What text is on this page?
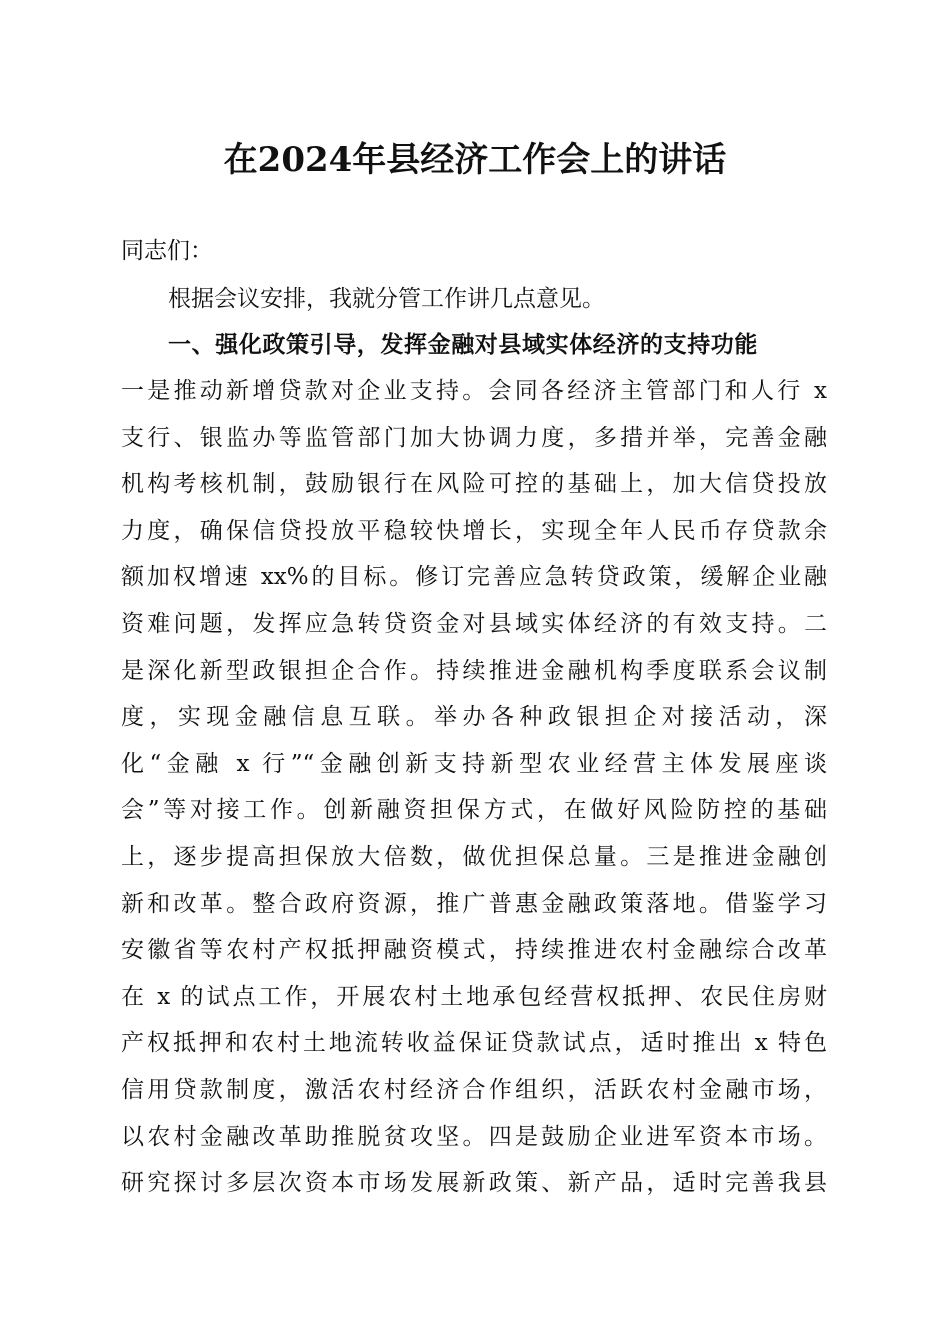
在2024年县经济工作会上的讲话

同志们：

根据会议安排，我就分管工作讲几点意见。

一、强化政策引导，发挥金融对县域实体经济的支持功能

一是推动新增贷款对企业支持。会同各经济主管部门和人行 x
支行、银监办等监管部门加大协调力度，多措并举，完善金融
机构考核机制，鼓励银行在风险可控的基础上，加大信贷投放
力度，确保信贷投放平稳较快增长，实现全年人民币存贷款余
额加权增速 xx%的目标。修订完善应急转贷政策，缓解企业融
资难问题，发挥应急转贷资金对县域实体经济的有效支持。二
是深化新型政银担企合作。持续推进金融机构季度联系会议制
度，实现金融信息互联。举办各种政银担企对接活动，深
化“金融 x 行”“金融创新支持新型农业经营主体发展座谈
会”等对接工作。创新融资担保方式，在做好风险防控的基础
上，逐步提高担保放大倍数，做优担保总量。三是推进金融创
新和改革。整合政府资源，推广普惠金融政策落地。借鉴学习
安徽省等农村产权抵押融资模式，持续推进农村金融综合改革
在 x 的试点工作，开展农村土地承包经营权抵押、农民住房财
产权抵押和农村土地流转收益保证贷款试点，适时推出 x 特色
信用贷款制度，激活农村经济合作组织，活跃农村金融市场，
以农村金融改革助推脱贫攻坚。四是鼓励企业进军资本市场。
研究探讨多层次资本市场发展新政策、新产品，适时完善我县
